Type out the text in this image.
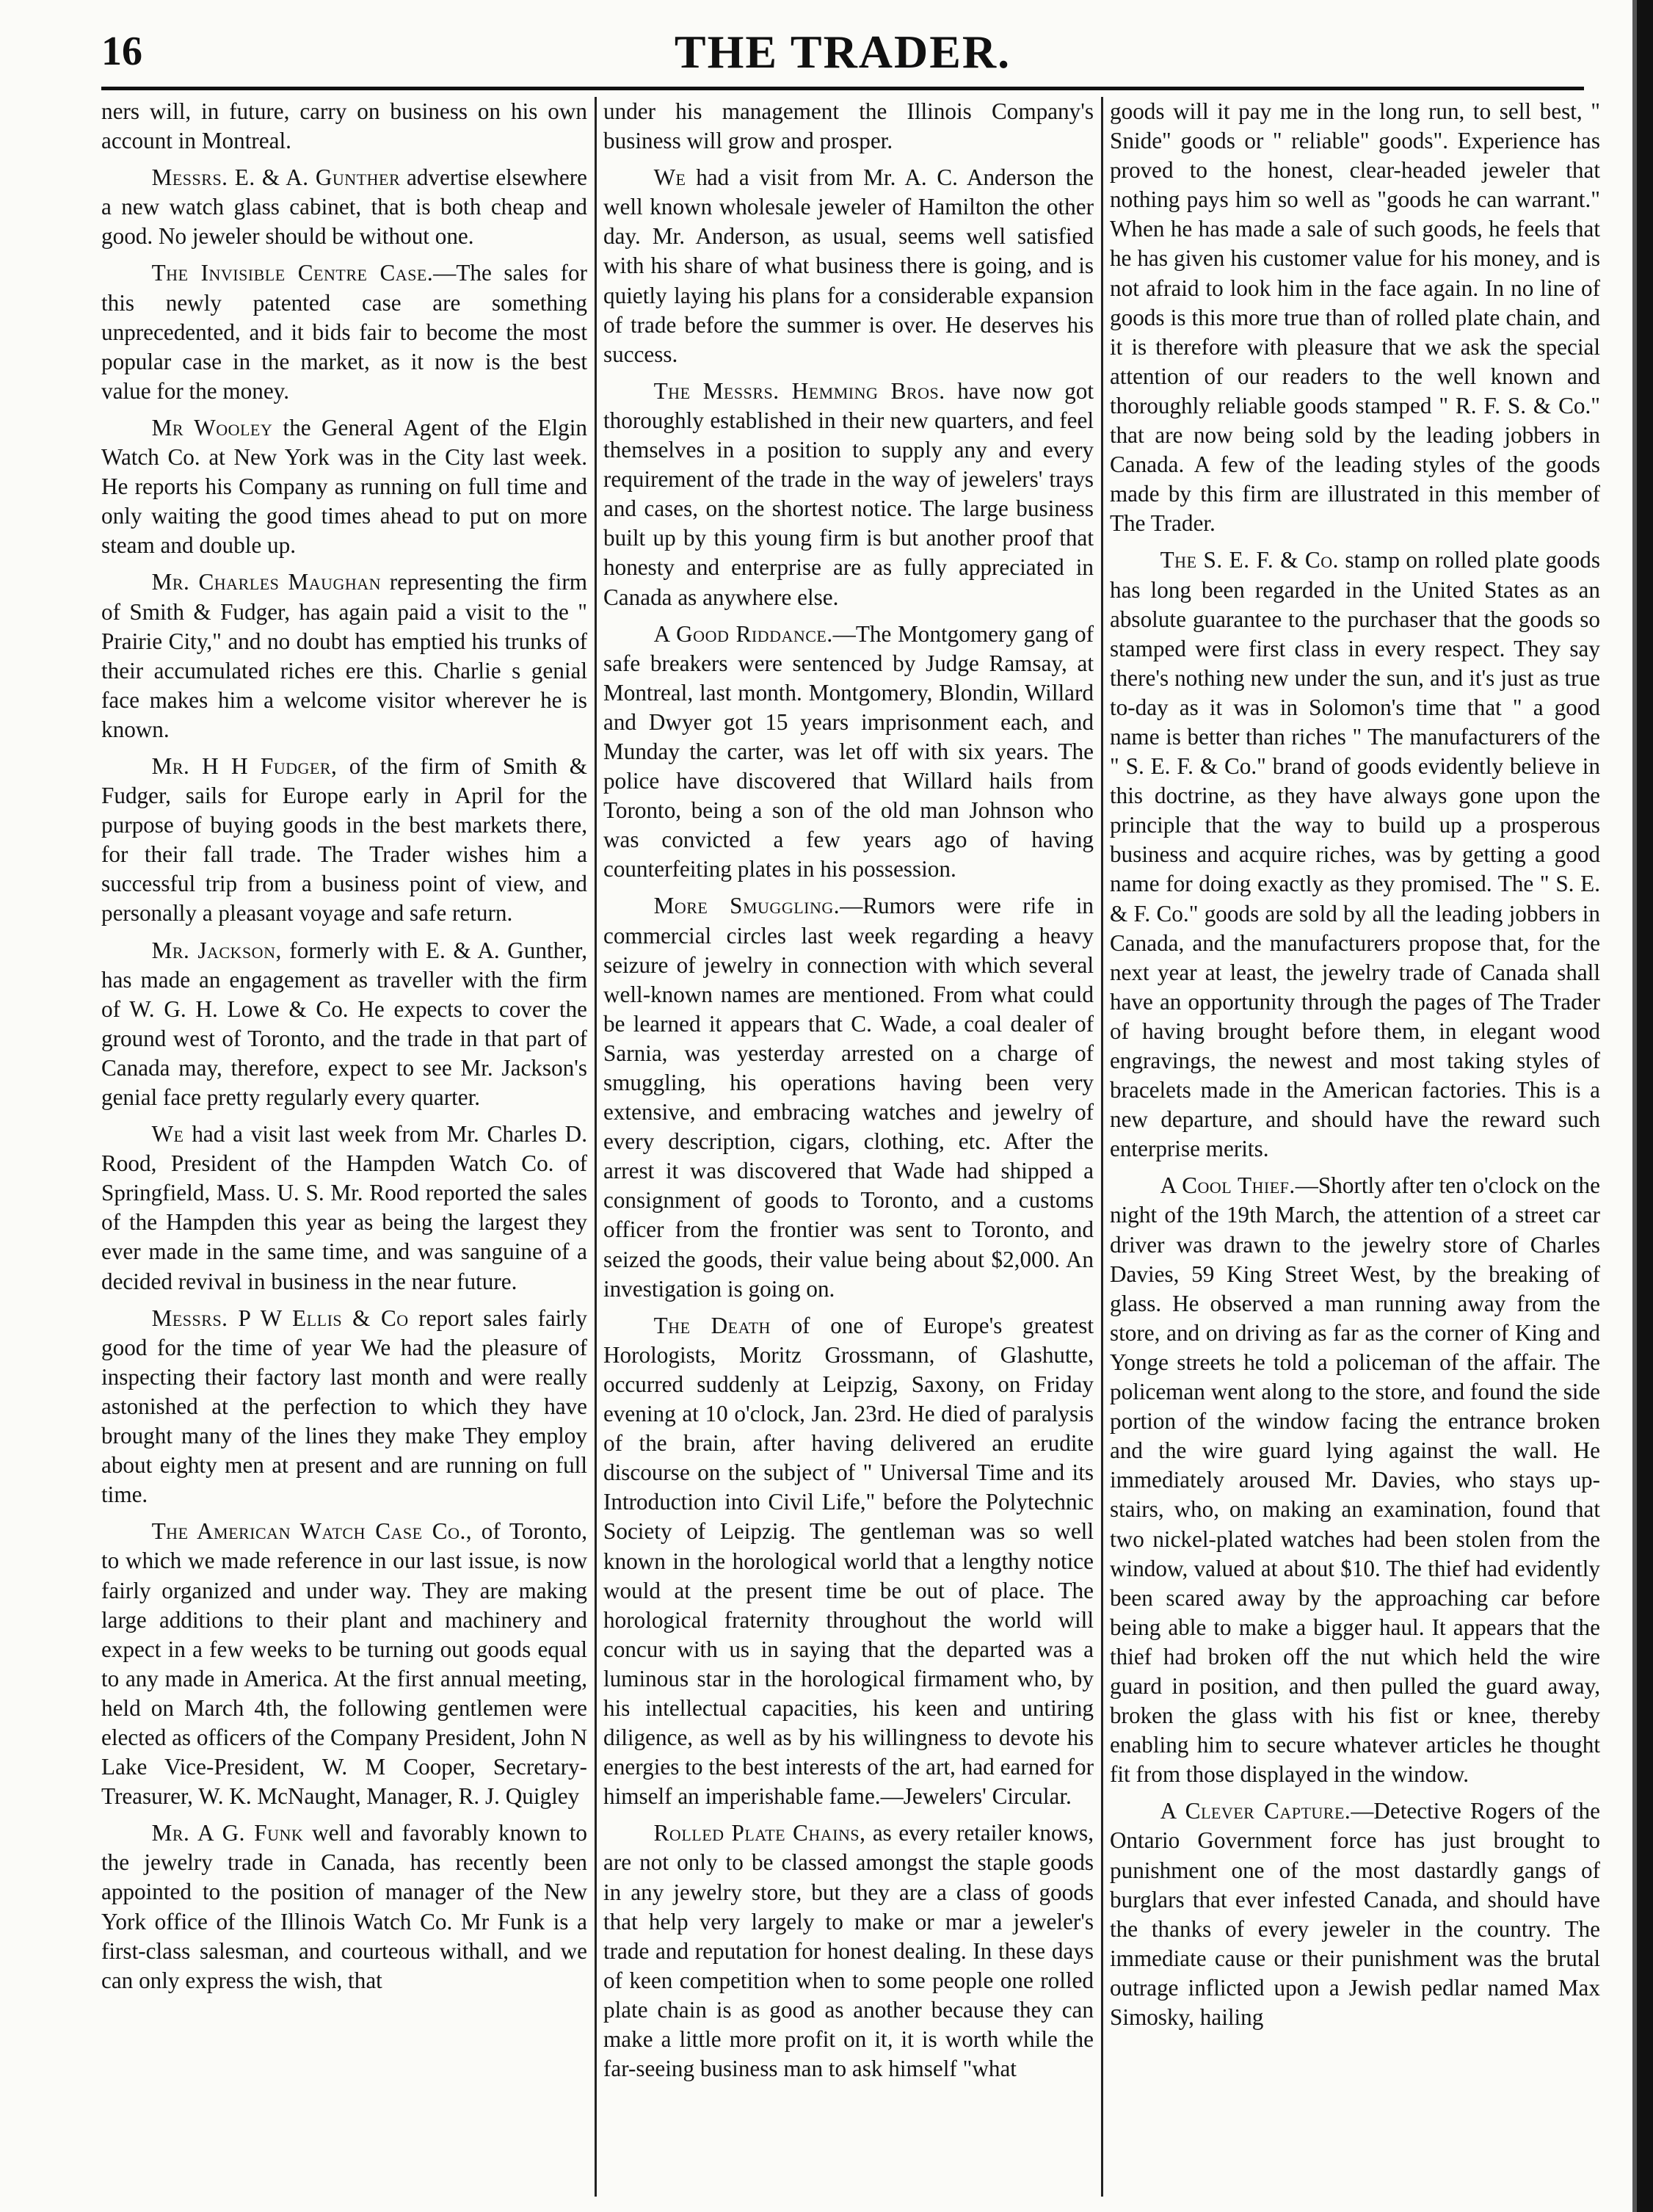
16	THE TRADER.

ners will, in future, carry on business on his own account in Montreal.

Messrs. E. & A. Gunther advertise elsewhere a new watch glass cabinet, that is both cheap and good. No jeweler should be without one.

The Invisible Centre Case.—The sales for this newly patented case are something unprecedented, and it bids fair to become the most popular case in the market, as it now is the best value for the money.

Mr Wooley the General Agent of the Elgin Watch Co. at New York was in the City last week. He reports his Company as running on full time and only waiting the good times ahead to put on more steam and double up.

Mr. Charles Maughan representing the firm of Smith & Fudger, has again paid a visit to the " Prairie City," and no doubt has emptied his trunks of their accumulated riches ere this. Charlie s genial face makes him a welcome visitor wherever he is known.

Mr. H H Fudger, of the firm of Smith & Fudger, sails for Europe early in April for the purpose of buying goods in the best markets there, for their fall trade. The Trader wishes him a successful trip from a business point of view, and personally a pleasant voyage and safe return.

Mr. Jackson, formerly with E. & A. Gunther, has made an engagement as traveller with the firm of W. G. H. Lowe & Co. He expects to cover the ground west of Toronto, and the trade in that part of Canada may, therefore, expect to see Mr. Jackson's genial face pretty regularly every quarter.

We had a visit last week from Mr. Charles D. Rood, President of the Hampden Watch Co. of Springfield, Mass. U. S. Mr. Rood reported the sales of the Hampden this year as being the largest they ever made in the same time, and was sanguine of a decided revival in business in the near future.

Messrs. P W Ellis & Co report sales fairly good for the time of year We had the pleasure of inspecting their factory last month and were really astonished at the perfection to which they have brought many of the lines they make They employ about eighty men at present and are running on full time.

The American Watch Case Co., of Toronto, to which we made reference in our last issue, is now fairly organized and under way. They are making large additions to their plant and machinery and expect in a few weeks to be turning out goods equal to any made in America. At the first annual meeting, held on March 4th, the following gentlemen were elected as officers of the Company President, John N Lake Vice-President, W. M Cooper, Secretary-Treasurer, W. K. McNaught, Manager, R. J. Quigley

Mr. A G. Funk well and favorably known to the jewelry trade in Canada, has recently been appointed to the position of manager of the New York office of the Illinois Watch Co. Mr Funk is a first-class salesman, and courteous withall, and we can only express the wish, that

under his management the Illinois Company's business will grow and prosper.

We had a visit from Mr. A. C. Anderson the well known wholesale jeweler of Hamilton the other day. Mr. Anderson, as usual, seems well satisfied with his share of what business there is going, and is quietly laying his plans for a considerable expansion of trade before the summer is over. He deserves his success.

The Messrs. Hemming Bros. have now got thoroughly established in their new quarters, and feel themselves in a position to supply any and every requirement of the trade in the way of jewelers' trays and cases, on the shortest notice. The large business built up by this young firm is but another proof that honesty and enterprise are as fully appreciated in Canada as anywhere else.

A Good Riddance.—The Montgomery gang of safe breakers were sentenced by Judge Ramsay, at Montreal, last month. Montgomery, Blondin, Willard and Dwyer got 15 years imprisonment each, and Munday the carter, was let off with six years. The police have discovered that Willard hails from Toronto, being a son of the old man Johnson who was convicted a few years ago of having counterfeiting plates in his possession.

More Smuggling.—Rumors were rife in commercial circles last week regarding a heavy seizure of jewelry in connection with which several well-known names are mentioned. From what could be learned it appears that C. Wade, a coal dealer of Sarnia, was yesterday arrested on a charge of smuggling, his operations having been very extensive, and embracing watches and jewelry of every description, cigars, clothing, etc. After the arrest it was discovered that Wade had shipped a consignment of goods to Toronto, and a customs officer from the frontier was sent to Toronto, and seized the goods, their value being about $2,000. An investigation is going on.

The Death of one of Europe's greatest Horologists, Moritz Grossmann, of Glashutte, occurred suddenly at Leipzig, Saxony, on Friday evening at 10 o'clock, Jan. 23rd. He died of paralysis of the brain, after having delivered an erudite discourse on the subject of " Universal Time and its Introduction into Civil Life," before the Polytechnic Society of Leipzig. The gentleman was so well known in the horological world that a lengthy notice would at the present time be out of place. The horological fraternity throughout the world will concur with us in saying that the departed was a luminous star in the horological firmament who, by his intellectual capacities, his keen and untiring diligence, as well as by his willingness to devote his energies to the best interests of the art, had earned for himself an imperishable fame.—Jewelers' Circular.

Rolled Plate Chains, as every retailer knows, are not only to be classed amongst the staple goods in any jewelry store, but they are a class of goods that help very largely to make or mar a jeweler's trade and reputation for honest dealing. In these days of keen competition when to some people one rolled plate chain is as good as another because they can make a little more profit on it, it is worth while the far-seeing business man to ask himself "what

goods will it pay me in the long run, to sell best, " Snide" goods or " reliable" goods". Experience has proved to the honest, clear-headed jeweler that nothing pays him so well as "goods he can warrant." When he has made a sale of such goods, he feels that he has given his customer value for his money, and is not afraid to look him in the face again. In no line of goods is this more true than of rolled plate chain, and it is therefore with pleasure that we ask the special attention of our readers to the well known and thoroughly reliable goods stamped " R. F. S. & Co." that are now being sold by the leading jobbers in Canada. A few of the leading styles of the goods made by this firm are illustrated in this member of The Trader.

The S. E. F. & Co. stamp on rolled plate goods has long been regarded in the United States as an absolute guarantee to the purchaser that the goods so stamped were first class in every respect. They say there's nothing new under the sun, and it's just as true to-day as it was in Solomon's time that " a good name is better than riches " The manufacturers of the " S. E. F. & Co." brand of goods evidently believe in this doctrine, as they have always gone upon the principle that the way to build up a prosperous business and acquire riches, was by getting a good name for doing exactly as they promised. The " S. E. & F. Co." goods are sold by all the leading jobbers in Canada, and the manufacturers propose that, for the next year at least, the jewelry trade of Canada shall have an opportunity through the pages of The Trader of having brought before them, in elegant wood engravings, the newest and most taking styles of bracelets made in the American factories. This is a new departure, and should have the reward such enterprise merits.

A Cool Thief.—Shortly after ten o'clock on the night of the 19th March, the attention of a street car driver was drawn to the jewelry store of Charles Davies, 59 King Street West, by the breaking of glass. He observed a man running away from the store, and on driving as far as the corner of King and Yonge streets he told a policeman of the affair. The policeman went along to the store, and found the side portion of the window facing the entrance broken and the wire guard lying against the wall. He immediately aroused Mr. Davies, who stays up-stairs, who, on making an examination, found that two nickel-plated watches had been stolen from the window, valued at about $10. The thief had evidently been scared away by the approaching car before being able to make a bigger haul. It appears that the thief had broken off the nut which held the wire guard in position, and then pulled the guard away, broken the glass with his fist or knee, thereby enabling him to secure whatever articles he thought fit from those displayed in the window.

A Clever Capture.—Detective Rogers of the Ontario Government force has just brought to punishment one of the most dastardly gangs of burglars that ever infested Canada, and should have the thanks of every jeweler in the country. The immediate cause or their punishment was the brutal outrage inflicted upon a Jewish pedlar named Max Simosky, hailing
